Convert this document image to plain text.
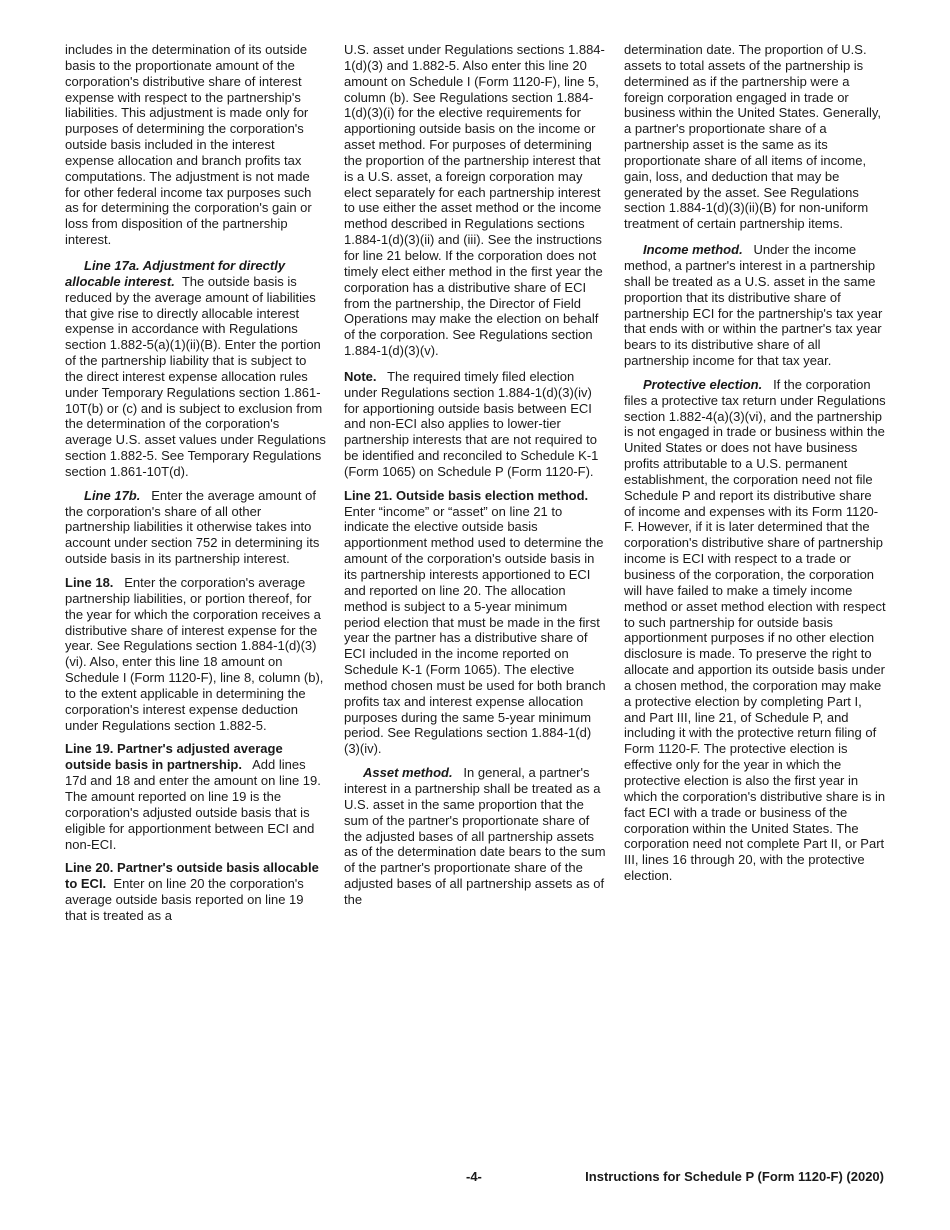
includes in the determination of its outside basis to the proportionate amount of the corporation's distributive share of interest expense with respect to the partnership's liabilities. This adjustment is made only for purposes of determining the corporation's outside basis included in the interest expense allocation and branch profits tax computations. The adjustment is not made for other federal income tax purposes such as for determining the corporation's gain or loss from disposition of the partnership interest.

Line 17a. Adjustment for directly allocable interest. The outside basis is reduced by the average amount of liabilities that give rise to directly allocable interest expense in accordance with Regulations section 1.882-5(a)(1)(ii)(B). Enter the portion of the partnership liability that is subject to the direct interest expense allocation rules under Temporary Regulations section 1.861-10T(b) or (c) and is subject to exclusion from the determination of the corporation's average U.S. asset values under Regulations section 1.882-5. See Temporary Regulations section 1.861-10T(d).

Line 17b. Enter the average amount of the corporation's share of all other partnership liabilities it otherwise takes into account under section 752 in determining its outside basis in its partnership interest.

Line 18. Enter the corporation's average partnership liabilities, or portion thereof, for the year for which the corporation receives a distributive share of interest expense for the year. See Regulations section 1.884-1(d)(3)(vi). Also, enter this line 18 amount on Schedule I (Form 1120-F), line 8, column (b), to the extent applicable in determining the corporation's interest expense deduction under Regulations section 1.882-5.

Line 19. Partner's adjusted average outside basis in partnership. Add lines 17d and 18 and enter the amount on line 19. The amount reported on line 19 is the corporation's adjusted outside basis that is eligible for apportionment between ECI and non-ECI.

Line 20. Partner's outside basis allocable to ECI. Enter on line 20 the corporation's average outside basis reported on line 19 that is treated as a

U.S. asset under Regulations sections 1.884-1(d)(3) and 1.882-5. Also enter this line 20 amount on Schedule I (Form 1120-F), line 5, column (b). See Regulations section 1.884-1(d)(3)(i) for the elective requirements for apportioning outside basis on the income or asset method. For purposes of determining the proportion of the partnership interest that is a U.S. asset, a foreign corporation may elect separately for each partnership interest to use either the asset method or the income method described in Regulations sections 1.884-1(d)(3)(ii) and (iii). See the instructions for line 21 below. If the corporation does not timely elect either method in the first year the corporation has a distributive share of ECI from the partnership, the Director of Field Operations may make the election on behalf of the corporation. See Regulations section 1.884-1(d)(3)(v).

Note. The required timely filed election under Regulations section 1.884-1(d)(3)(iv) for apportioning outside basis between ECI and non-ECI also applies to lower-tier partnership interests that are not required to be identified and reconciled to Schedule K-1 (Form 1065) on Schedule P (Form 1120-F).

Line 21. Outside basis election method.  Enter “income” or “asset” on line 21 to indicate the elective outside basis apportionment method used to determine the amount of the corporation's outside basis in its partnership interests apportioned to ECI and reported on line 20. The allocation method is subject to a 5-year minimum period election that must be made in the first year the partner has a distributive share of ECI included in the income reported on Schedule K-1 (Form 1065). The elective method chosen must be used for both branch profits tax and interest expense allocation purposes during the same 5-year minimum period. See Regulations section 1.884-1(d)(3)(iv).

Asset method. In general, a partner's interest in a partnership shall be treated as a U.S. asset in the same proportion that the sum of the partner's proportionate share of the adjusted bases of all partnership assets as of the determination date bears to the sum of the partner's proportionate share of the adjusted bases of all partnership assets as of the

determination date. The proportion of U.S. assets to total assets of the partnership is determined as if the partnership were a foreign corporation engaged in trade or business within the United States. Generally, a partner's proportionate share of a partnership asset is the same as its proportionate share of all items of income, gain, loss, and deduction that may be generated by the asset. See Regulations section 1.884-1(d)(3)(ii)(B) for non-uniform treatment of certain partnership items.

Income method. Under the income method, a partner's interest in a partnership shall be treated as a U.S. asset in the same proportion that its distributive share of partnership ECI for the partnership's tax year that ends with or within the partner's tax year bears to its distributive share of all partnership income for that tax year.

Protective election. If the corporation files a protective tax return under Regulations section 1.882-4(a)(3)(vi), and the partnership is not engaged in trade or business within the United States or does not have business profits attributable to a U.S. permanent establishment, the corporation need not file Schedule P and report its distributive share of income and expenses with its Form 1120-F. However, if it is later determined that the corporation's distributive share of partnership income is ECI with respect to a trade or business of the corporation, the corporation will have failed to make a timely income method or asset method election with respect to such partnership for outside basis apportionment purposes if no other election disclosure is made. To preserve the right to allocate and apportion its outside basis under a chosen method, the corporation may make a protective election by completing Part I, and Part III, line 21, of Schedule P, and including it with the protective return filing of Form 1120-F. The protective election is effective only for the year in which the protective election is also the first year in which the corporation's distributive share is in fact ECI with a trade or business of the corporation within the United States. The corporation need not complete Part II, or Part III, lines 16 through 20, with the protective election.

-4-	Instructions for Schedule P (Form 1120-F) (2020)
